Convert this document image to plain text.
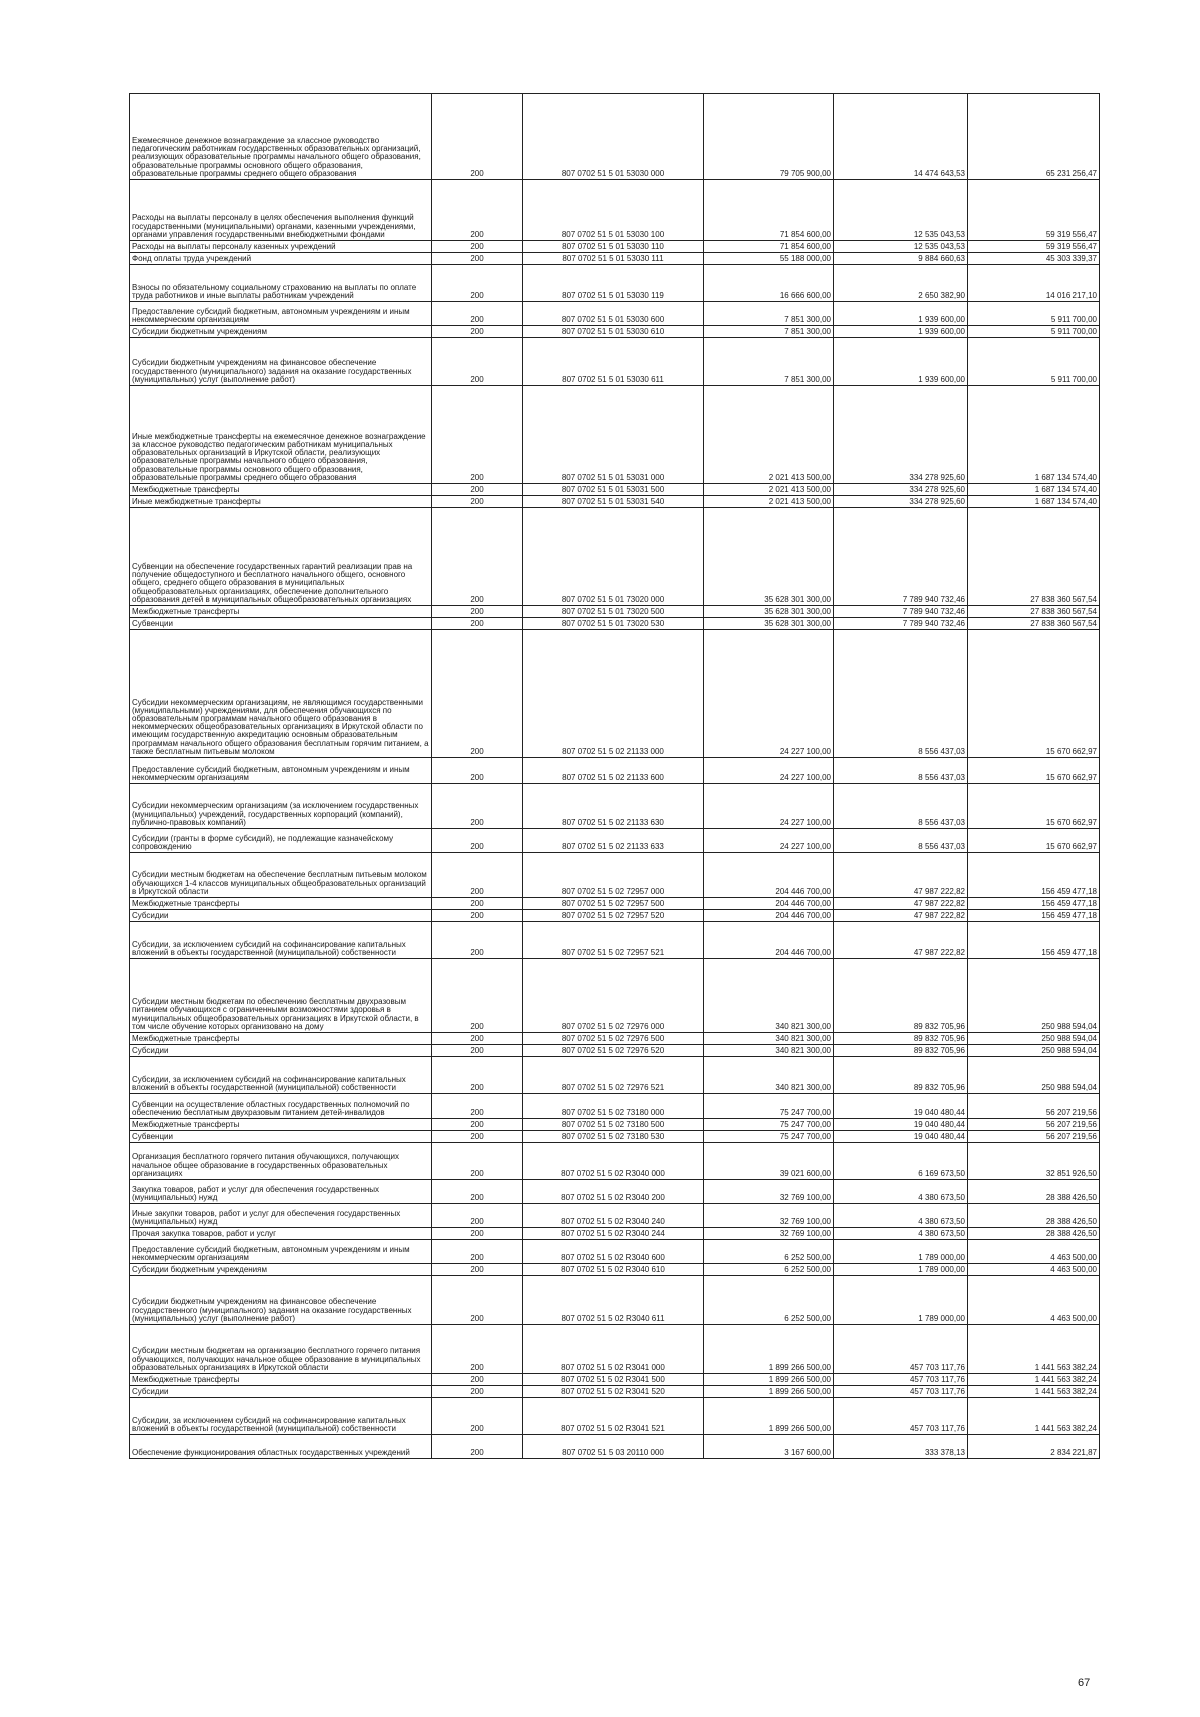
Ежемесячное денежное вознаграждение за классное руководство педагогическим работникам государственных образовательных организаций, реализующих образовательные программы начального общего образования, образовательные программы основного общего образования, образовательные программы среднего общего образования	200	807 0702 51 5 01 53030 000	79 705 900,00	14 474 643,53	65 231 256,47
Расходы на выплаты персоналу в целях обеспечения выполнения функций государственными (муниципальными) органами, казенными учреждениями, органами управления государственными внебюджетными фондами	200	807 0702 51 5 01 53030 100	71 854 600,00	12 535 043,53	59 319 556,47
Расходы на выплаты персоналу казенных учреждений	200	807 0702 51 5 01 53030 110	71 854 600,00	12 535 043,53	59 319 556,47
Фонд оплаты труда учреждений	200	807 0702 51 5 01 53030 111	55 188 000,00	9 884 660,63	45 303 339,37
Взносы по обязательному социальному страхованию на выплаты по оплате труда работников и иные выплаты работникам учреждений	200	807 0702 51 5 01 53030 119	16 666 600,00	2 650 382,90	14 016 217,10
Предоставление субсидий бюджетным, автономным учреждениям и иным некоммерческим организациям	200	807 0702 51 5 01 53030 600	7 851 300,00	1 939 600,00	5 911 700,00
Субсидии бюджетным учреждениям	200	807 0702 51 5 01 53030 610	7 851 300,00	1 939 600,00	5 911 700,00
Субсидии бюджетным учреждениям на финансовое обеспечение государственного (муниципального) задания на оказание государственных (муниципальных) услуг (выполнение работ)	200	807 0702 51 5 01 53030 611	7 851 300,00	1 939 600,00	5 911 700,00
Иные межбюджетные трансферты на ежемесячное денежное вознаграждение за классное руководство педагогическим работникам муниципальных образовательных организаций в Иркутской области, реализующих образовательные программы начального общего образования, образовательные программы основного общего образования, образовательные программы среднего общего образования	200	807 0702 51 5 01 53031 000	2 021 413 500,00	334 278 925,60	1 687 134 574,40
Межбюджетные трансферты	200	807 0702 51 5 01 53031 500	2 021 413 500,00	334 278 925,60	1 687 134 574,40
Иные межбюджетные трансферты	200	807 0702 51 5 01 53031 540	2 021 413 500,00	334 278 925,60	1 687 134 574,40
Субвенции на обеспечение государственных гарантий реализации прав на получение общедоступного и бесплатного начального общего, основного общего, среднего общего образования в муниципальных общеобразовательных организациях, обеспечение дополнительного образования детей в муниципальных общеобразовательных организациях	200	807 0702 51 5 01 73020 000	35 628 301 300,00	7 789 940 732,46	27 838 360 567,54
Межбюджетные трансферты	200	807 0702 51 5 01 73020 500	35 628 301 300,00	7 789 940 732,46	27 838 360 567,54
Субвенции	200	807 0702 51 5 01 73020 530	35 628 301 300,00	7 789 940 732,46	27 838 360 567,54
Субсидии некоммерческим организациям, не являющимся государственными (муниципальными) учреждениями, для обеспечения обучающихся по образовательным программам начального общего образования в некоммерческих общеобразовательных организациях в Иркутской области по имеющим государственную аккредитацию основным образовательным программам начального общего образования бесплатным горячим питанием, а также бесплатным питьевым молоком	200	807 0702 51 5 02 21133 000	24 227 100,00	8 556 437,03	15 670 662,97
Предоставление субсидий бюджетным, автономным учреждениям и иным некоммерческим организациям	200	807 0702 51 5 02 21133 600	24 227 100,00	8 556 437,03	15 670 662,97
Субсидии некоммерческим организациям (за исключением государственных (муниципальных) учреждений, государственных корпораций (компаний), публично-правовых компаний)	200	807 0702 51 5 02 21133 630	24 227 100,00	8 556 437,03	15 670 662,97
Субсидии (гранты в форме субсидий), не подлежащие казначейскому сопровождению	200	807 0702 51 5 02 21133 633	24 227 100,00	8 556 437,03	15 670 662,97
Субсидии местным бюджетам на обеспечение бесплатным питьевым молоком обучающихся 1-4 классов муниципальных общеобразовательных организаций в Иркутской области	200	807 0702 51 5 02 72957 000	204 446 700,00	47 987 222,82	156 459 477,18
Межбюджетные трансферты	200	807 0702 51 5 02 72957 500	204 446 700,00	47 987 222,82	156 459 477,18
Субсидии	200	807 0702 51 5 02 72957 520	204 446 700,00	47 987 222,82	156 459 477,18
Субсидии, за исключением субсидий на софинансирование капитальных вложений в объекты государственной (муниципальной) собственности	200	807 0702 51 5 02 72957 521	204 446 700,00	47 987 222,82	156 459 477,18
Субсидии местным бюджетам по обеспечению бесплатным двухразовым питанием обучающихся с ограниченными возможностями здоровья в муниципальных общеобразовательных организациях в Иркутской области, в том числе обучение которых организовано на дому	200	807 0702 51 5 02 72976 000	340 821 300,00	89 832 705,96	250 988 594,04
Межбюджетные трансферты	200	807 0702 51 5 02 72976 500	340 821 300,00	89 832 705,96	250 988 594,04
Субсидии	200	807 0702 51 5 02 72976 520	340 821 300,00	89 832 705,96	250 988 594,04
Субсидии, за исключением субсидий на софинансирование капитальных вложений в объекты государственной (муниципальной) собственности	200	807 0702 51 5 02 72976 521	340 821 300,00	89 832 705,96	250 988 594,04
Субвенции на осуществление областных государственных полномочий по обеспечению бесплатным двухразовым питанием детей-инвалидов	200	807 0702 51 5 02 73180 000	75 247 700,00	19 040 480,44	56 207 219,56
Межбюджетные трансферты	200	807 0702 51 5 02 73180 500	75 247 700,00	19 040 480,44	56 207 219,56
Субвенции	200	807 0702 51 5 02 73180 530	75 247 700,00	19 040 480,44	56 207 219,56
Организация бесплатного горячего питания обучающихся, получающих начальное общее образование в государственных образовательных организациях	200	807 0702 51 5 02 R3040 000	39 021 600,00	6 169 673,50	32 851 926,50
Закупка товаров, работ и услуг для обеспечения государственных (муниципальных) нужд	200	807 0702 51 5 02 R3040 200	32 769 100,00	4 380 673,50	28 388 426,50
Иные закупки товаров, работ и услуг для обеспечения государственных (муниципальных) нужд	200	807 0702 51 5 02 R3040 240	32 769 100,00	4 380 673,50	28 388 426,50
Прочая закупка товаров, работ и услуг	200	807 0702 51 5 02 R3040 244	32 769 100,00	4 380 673,50	28 388 426,50
Предоставление субсидий бюджетным, автономным учреждениям и иным некоммерческим организациям	200	807 0702 51 5 02 R3040 600	6 252 500,00	1 789 000,00	4 463 500,00
Субсидии бюджетным учреждениям	200	807 0702 51 5 02 R3040 610	6 252 500,00	1 789 000,00	4 463 500,00
Субсидии бюджетным учреждениям на финансовое обеспечение государственного (муниципального) задания на оказание государственных (муниципальных) услуг (выполнение работ)	200	807 0702 51 5 02 R3040 611	6 252 500,00	1 789 000,00	4 463 500,00
Субсидии местным бюджетам на организацию бесплатного горячего питания обучающихся, получающих начальное общее образование в муниципальных образовательных организациях в Иркутской области	200	807 0702 51 5 02 R3041 000	1 899 266 500,00	457 703 117,76	1 441 563 382,24
Межбюджетные трансферты	200	807 0702 51 5 02 R3041 500	1 899 266 500,00	457 703 117,76	1 441 563 382,24
Субсидии	200	807 0702 51 5 02 R3041 520	1 899 266 500,00	457 703 117,76	1 441 563 382,24
Субсидии, за исключением субсидий на софинансирование капитальных вложений в объекты государственной (муниципальной) собственности	200	807 0702 51 5 02 R3041 521	1 899 266 500,00	457 703 117,76	1 441 563 382,24
Обеспечение функционирования областных государственных учреждений	200	807 0702 51 5 03 20110 000	3 167 600,00	333 378,13	2 834 221,87
67
